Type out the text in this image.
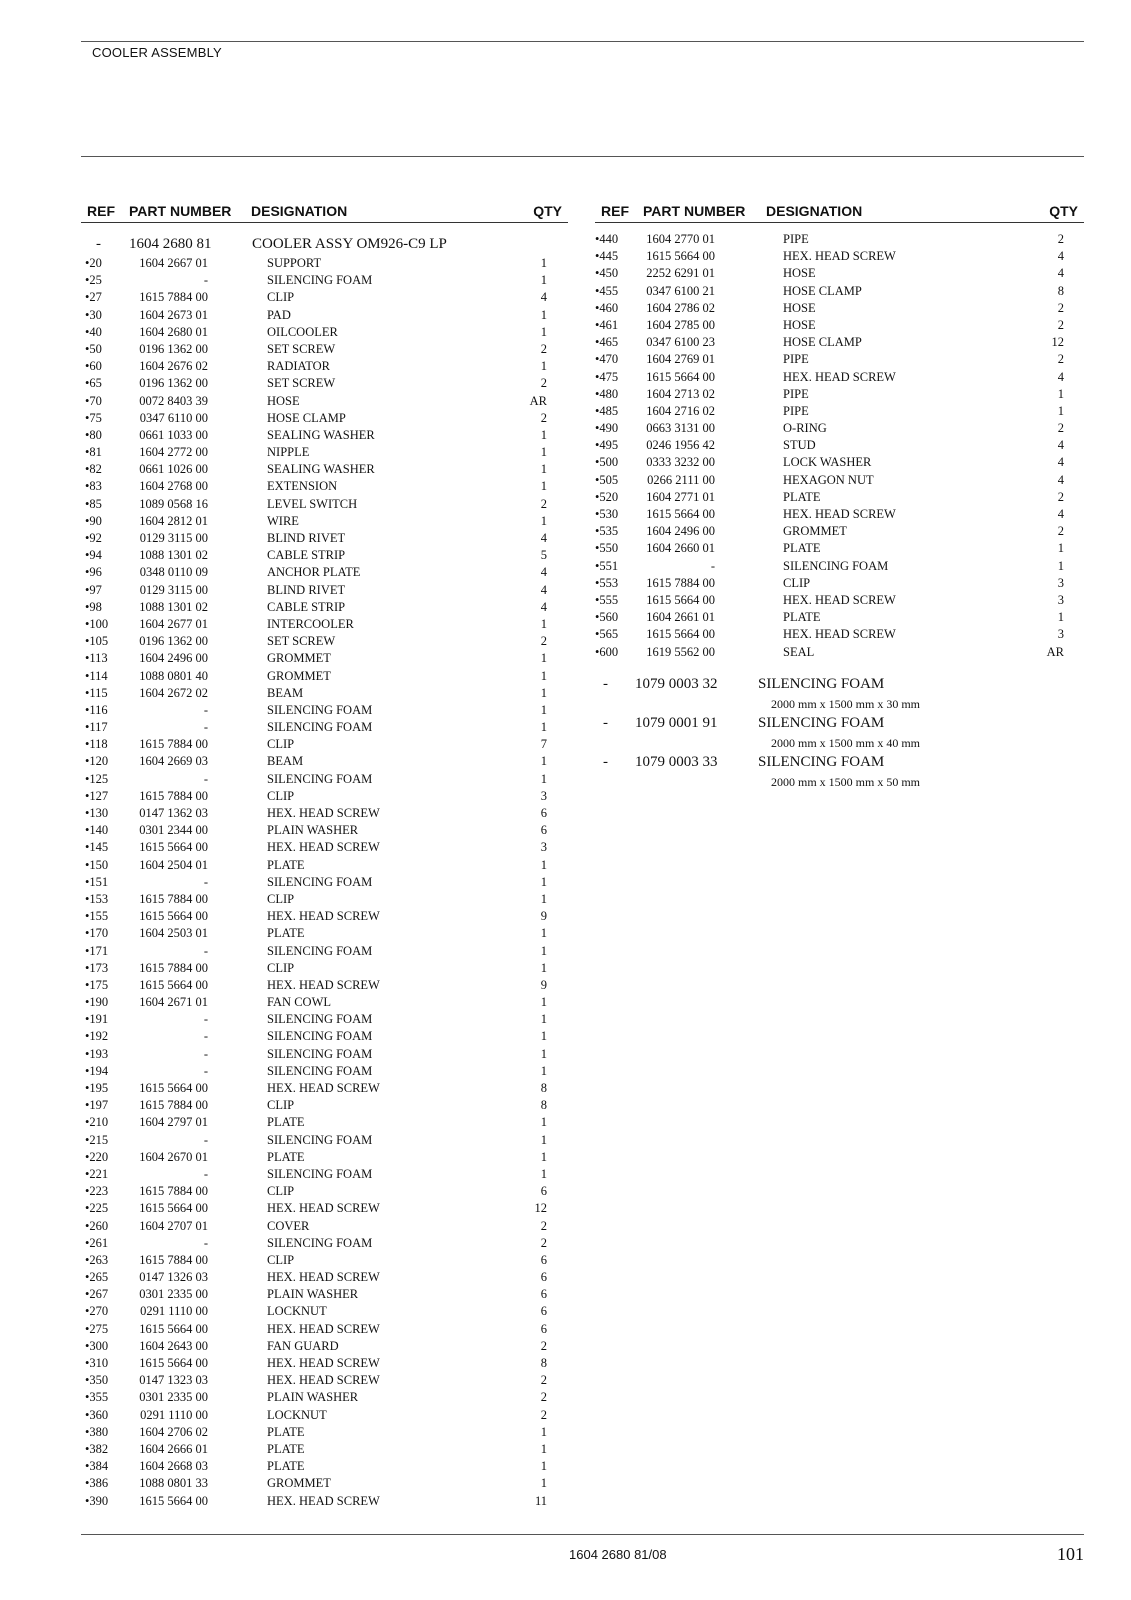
COOLER ASSEMBLY
REF PART NUMBER DESIGNATION	QTY
- 1604 2680 81	COOLER ASSY OM926-C9 LP
•20	1604 2667 01	SUPPORT	1
•25	-	SILENCING FOAM	1
•27	1615 7884 00	CLIP	4
•30	1604 2673 01	PAD	1
•40	1604 2680 01	OILCOOLER	1
•50	0196 1362 00	SET SCREW	2
•60	1604 2676 02	RADIATOR	1
•65	0196 1362 00	SET SCREW	2
•70	0072 8403 39	HOSE	AR
•75	0347 6110 00	HOSE CLAMP	2
•80	0661 1033 00	SEALING WASHER	1
•81	1604 2772 00	NIPPLE	1
•82	0661 1026 00	SEALING WASHER	1
•83	1604 2768 00	EXTENSION	1
•85	1089 0568 16	LEVEL SWITCH	2
•90	1604 2812 01	WIRE	1
•92	0129 3115 00	BLIND RIVET	4
•94	1088 1301 02	CABLE STRIP	5
•96	0348 0110 09	ANCHOR PLATE	4
•97	0129 3115 00	BLIND RIVET	4
•98	1088 1301 02	CABLE STRIP	4
•100 1604 2677 01	INTERCOOLER	1
•105 0196 1362 00	SET SCREW	2
•113	1604 2496 00	GROMMET	1
•114	1088 0801 40	GROMMET	1
•115	1604 2672 02	BEAM	1
•116	-	SILENCING FOAM	1
•117	-	SILENCING FOAM	1
•118	1615 7884 00	CLIP	7
•120 1604 2669 03	BEAM	1
•125	-	SILENCING FOAM	1
•127 1615 7884 00	CLIP	3
•130 0147 1362 03	HEX. HEAD SCREW	6
•140 0301 2344 00	PLAIN WASHER	6
•145 1615 5664 00	HEX. HEAD SCREW	3
•150 1604 2504 01	PLATE	1
•151	-	SILENCING FOAM	1
•153 1615 7884 00	CLIP	1
•155 1615 5664 00	HEX. HEAD SCREW	9
•170 1604 2503 01	PLATE	1
•171	-	SILENCING FOAM	1
•173 1615 7884 00	CLIP	1
•175 1615 5664 00	HEX. HEAD SCREW	9
•190 1604 2671 01	FAN COWL	1
•191	-	SILENCING FOAM	1
•192	-	SILENCING FOAM	1
•193	-	SILENCING FOAM	1
•194	-	SILENCING FOAM	1
•195 1615 5664 00	HEX. HEAD SCREW	8
•197 1615 7884 00	CLIP	8
•210 1604 2797 01	PLATE	1
•215	-	SILENCING FOAM	1
•220 1604 2670 01	PLATE	1
•221	-	SILENCING FOAM	1
•223 1615 7884 00	CLIP	6
•225 1615 5664 00	HEX. HEAD SCREW	12
•260 1604 2707 01	COVER	2
•261	-	SILENCING FOAM	2
•263 1615 7884 00	CLIP	6
•265 0147 1326 03	HEX. HEAD SCREW	6
•267 0301 2335 00	PLAIN WASHER	6
•270	0291 1110 00	LOCKNUT	6
•275 1615 5664 00	HEX. HEAD SCREW	6
•300 1604 2643 00	FAN GUARD	2
•310 1615 5664 00	HEX. HEAD SCREW	8
•350 0147 1323 03	HEX. HEAD SCREW	2
•355 0301 2335 00	PLAIN WASHER	2
•360	0291 1110 00	LOCKNUT	2
•380 1604 2706 02	PLATE	1
•382 1604 2666 01	PLATE	1
•384 1604 2668 03	PLATE	1
•386 1088 0801 33	GROMMET	1
•390 1615 5664 00	HEX. HEAD SCREW	11
REF PART NUMBER DESIGNATION	QTY
•440 1604 2770 01	PIPE	2
•445 1615 5664 00	HEX. HEAD SCREW	4
•450 2252 6291 01	HOSE	4
•455 0347 6100 21	HOSE CLAMP	8
•460 1604 2786 02	HOSE	2
•461 1604 2785 00	HOSE	2
•465 0347 6100 23	HOSE CLAMP	12
•470 1604 2769 01	PIPE	2
•475 1615 5664 00	HEX. HEAD SCREW	4
•480 1604 2713 02	PIPE	1
•485 1604 2716 02	PIPE	1
•490 0663 3131 00	O-RING	2
•495 0246 1956 42	STUD	4
•500 0333 3232 00	LOCK WASHER	4
•505 0266 2111 00	HEXAGON NUT	4
•520 1604 2771 01	PLATE	2
•530 1615 5664 00	HEX. HEAD SCREW	4
•535 1604 2496 00	GROMMET	2
•550 1604 2660 01	PLATE	1
•551	-	SILENCING FOAM	1
•553 1615 7884 00	CLIP	3
•555 1615 5664 00	HEX. HEAD SCREW	3
•560 1604 2661 01	PLATE	1
•565 1615 5664 00	HEX. HEAD SCREW	3
•600 1619 5562 00	SEAL	AR
- 1079 0003 32	SILENCING FOAM
2000 mm x 1500 mm x 30 mm
- 1079 0001 91	SILENCING FOAM
2000 mm x 1500 mm x 40 mm
- 1079 0003 33	SILENCING FOAM
2000 mm x 1500 mm x 50 mm
1604 2680 81/08	101
